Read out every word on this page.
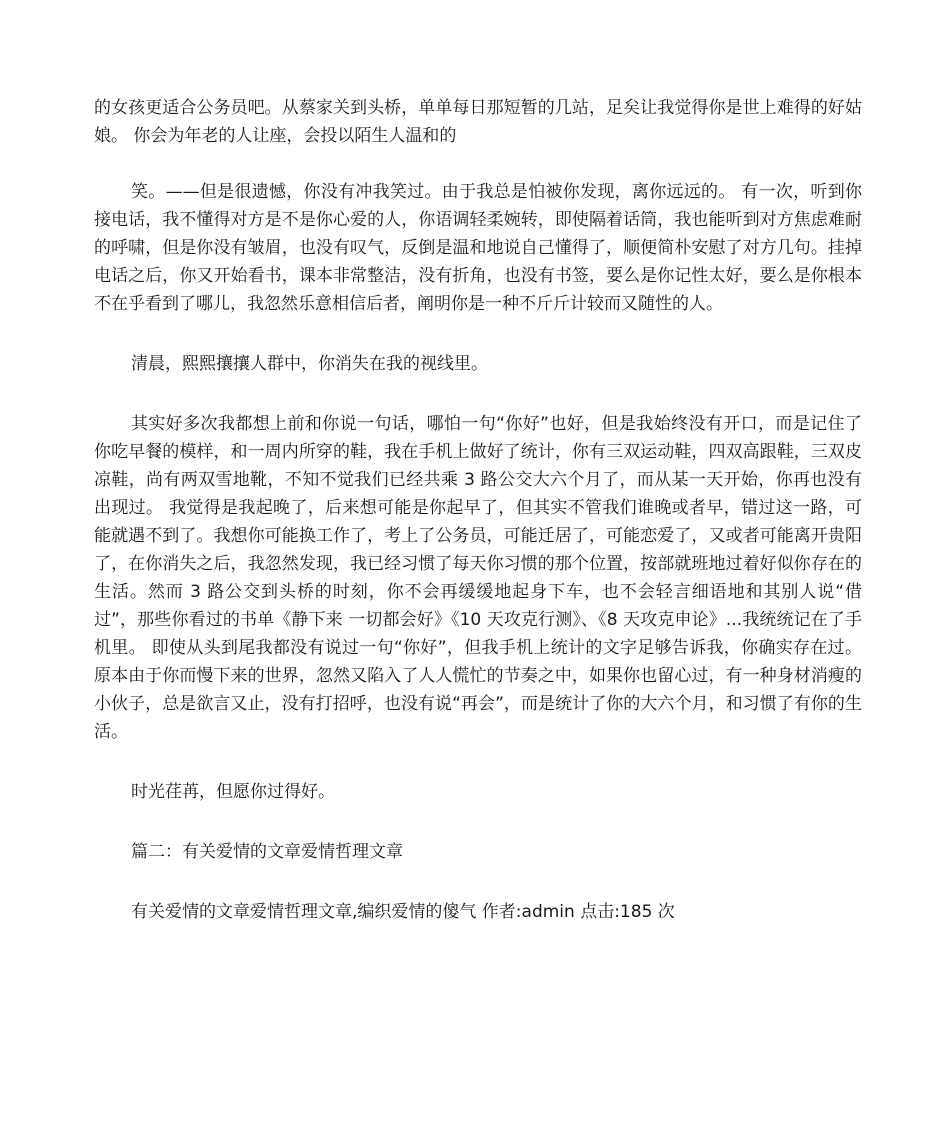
的女孩更适合公务员吧。从蔡家关到头桥，单单每日那短暂的几站，足矣让我觉得你是世上难得的好姑娘。 你会为年老的人让座，会投以陌生人温和的

笑。——但是很遗憾，你没有冲我笑过。由于我总是怕被你发现，离你远远的。 有一次，听到你接电话，我不懂得对方是不是你心爱的人，你语调轻柔婉转，即使隔着话筒，我也能听到对方焦虑难耐的呼啸，但是你没有皱眉，也没有叹气，反倒是温和地说自己懂得了，顺便简朴安慰了对方几句。挂掉电话之后，你又开始看书，课本非常整洁，没有折角，也没有书签，要么是你记性太好，要么是你根本不在乎看到了哪儿，我忽然乐意相信后者，阐明你是一种不斤斤计较而又随性的人。

清晨，熙熙攘攘人群中，你消失在我的视线里。

其实好多次我都想上前和你说一句话，哪怕一句“你好”也好，但是我始终没有开口，而是记住了你吃早餐的模样，和一周内所穿的鞋，我在手机上做好了统计，你有三双运动鞋，四双高跟鞋，三双皮凉鞋，尚有两双雪地靴，不知不觉我们已经共乘 3 路公交大六个月了，而从某一天开始，你再也没有出现过。 我觉得是我起晚了，后来想可能是你起早了，但其实不管我们谁晚或者早，错过这一路，可能就遇不到了。我想你可能换工作了，考上了公务员，可能迁居了，可能恋爱了，又或者可能离开贵阳了，在你消失之后，我忽然发现，我已经习惯了每天你习惯的那个位置，按部就班地过着好似你存在的生活。然而 3 路公交到头桥的时刻，你不会再缓缓地起身下车，也不会轻言细语地和其别人说“借过”，那些你看过的书单《静下来 一切都会好》《10 天攻克行测》、《8 天攻克申论》...我统统记在了手机里。 即使从头到尾我都没有说过一句“你好”，但我手机上统计的文字足够告诉我，你确实存在过。原本由于你而慢下来的世界，忽然又陷入了人人慌忙的节奏之中，如果你也留心过，有一种身材消瘦的小伙子，总是欲言又止，没有打招呼，也没有说“再会”，而是统计了你的大六个月，和习惯了有你的生活。

时光荏苒，但愿你过得好。

篇二：有关爱情的文章爱情哲理文章

有关爱情的文章爱情哲理文章,编织爱情的傻气 作者:admin 点击:185 次
